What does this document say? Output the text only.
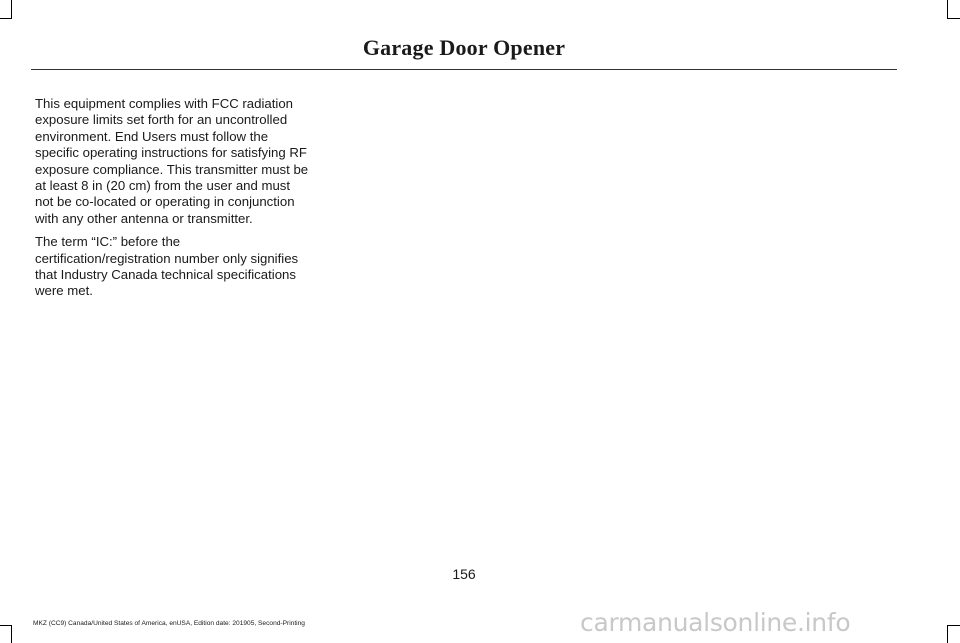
Garage Door Opener

This equipment complies with FCC radiation exposure limits set forth for an uncontrolled environment. End Users must follow the specific operating instructions for satisfying RF exposure compliance. This transmitter must be at least 8 in (20 cm) from the user and must not be co-located or operating in conjunction with any other antenna or transmitter.

The term “IC:” before the certification/registration number only signifies that Industry Canada technical specifications were met.

156
MKZ (CC9) Canada/United States of America, enUSA, Edition date: 201905, Second-Printing	carmanualsonline.info
